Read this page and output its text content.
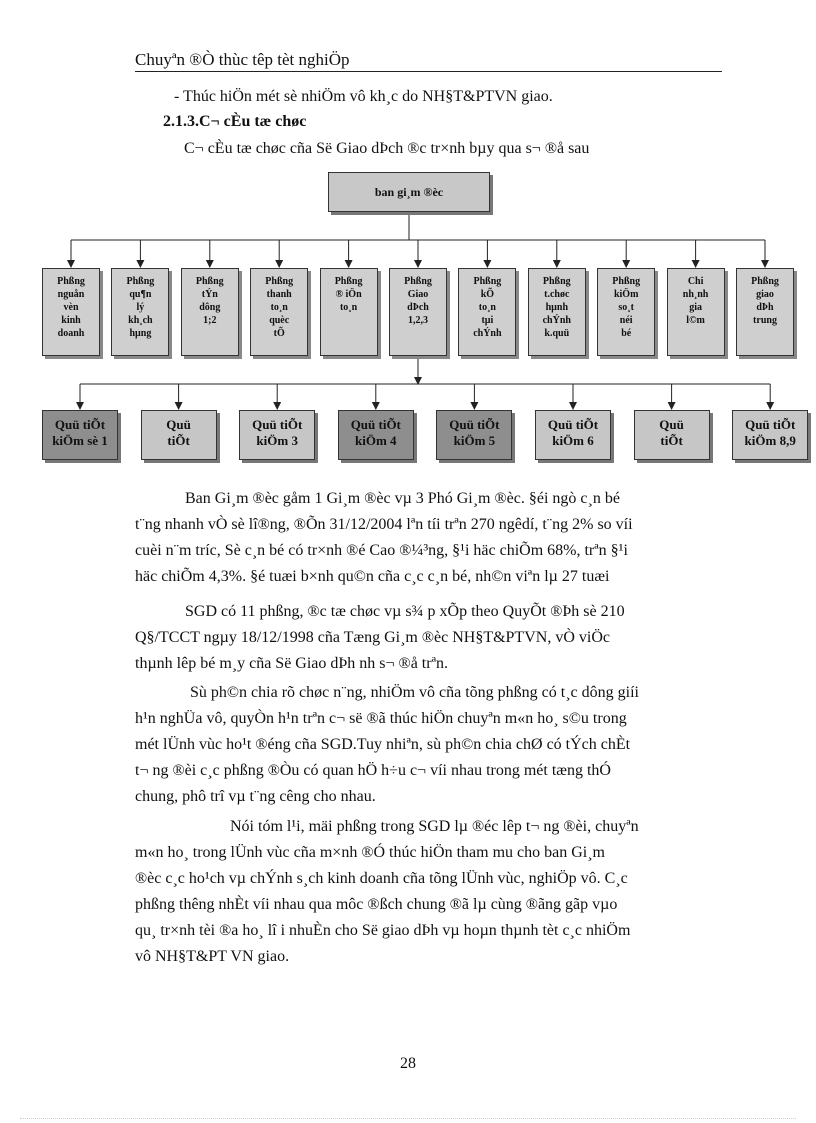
Chuyªn ®Ò thùc têp tèt nghiÖp
- Thúc hiÖn mét sè nhiÖm vô kh¸c do NH§T&PTVN giao.
2.1.3.C¬ cÈu tæ chøc
C¬ cÈu tæ chøc cña Së Giao dÞch ®c tr×nh bµy qua s¬ ®å sau
ban gi¸m ®èc
Phßng
nguån
vèn
kinh
doanh
Phßng
qu¶n
lý
kh¸ch
hµng
Phßng
tÝn
dông
1;2
Phßng
thanh
to¸n
quèc
tÕ
Phßng
® iÖn
to¸n
Phßng
Giao
dÞch
1,2,3
Phßng
kÕ
to¸n
tµi
chÝnh
Phßng
t.chøc
hµnh
chÝnh
k.quü
Phßng
kiÖm
so¸t
néi
bé
Chi
nh¸nh
gia
l©m
Phßng
giao
dÞh
trung
Quü tiÕt
kiÖm sè 1
Quü
tiÕt
Quü tiÕt
kiÖm 3
Quü tiÕt
kiÖm 4
Quü tiÕt
kiÖm 5
Quü tiÕt
kiÖm 6
Quü
tiÕt
Quü tiÕt
kiÖm 8,9
Ban Gi¸m ®èc gåm 1 Gi¸m ®èc vµ 3 Phó Gi¸m ®èc. §éi ngò c¸n bé
t¨ng nhanh vÒ sè lî®ng, ®Õn 31/12/2004 lªn tíi trªn 270 ngêdí, t¨ng 2% so víi
cuèi n¨m tríc, Sè c¸n bé có tr×nh ®é Cao ®¼³ng, §¹i häc chiÕm 68%, trªn §¹i
häc chiÕm 4,3%. §é tuæi b×nh qu©n cña c¸c c¸n bé, nh©n viªn lµ 27 tuæi
SGD có 11 phßng, ®c tæ chøc vµ s¾ p xÕp theo QuyÕt ®Þh sè 210
Q§/TCCT ngµy 18/12/1998 cña Tæng Gi¸m ®èc NH§T&PTVN, vÒ viÖc
thµnh lêp bé m¸y cña Së Giao dÞh nh s¬ ®å trªn.
Sù ph©n chia rõ chøc n¨ng, nhiÖm vô cña tõng phßng có t¸c dông giíi
h¹n nghÜa vô, quyÒn h¹n trªn c¬ së ®ã thúc hiÖn chuyªn m«n ho¸ s©u trong
mét lÜnh vùc ho¹t ®éng cña SGD.Tuy nhiªn, sù ph©n chia chØ có tÝch chÈt
t¬ ng ®èi c¸c phßng ®Òu có quan hÖ h÷u c¬ víi nhau trong mét tæng thÓ
chung, phô trî vµ t¨ng cêng cho nhau.
Nói tóm l¹i, mäi phßng trong SGD lµ ®éc lêp t¬ ng ®èi, chuyªn
m«n ho¸ trong lÜnh vùc cña m×nh ®Ó thúc hiÖn tham mu cho ban Gi¸m
®èc c¸c ho¹ch vµ chÝnh s¸ch kinh doanh cña tõng lÜnh vùc, nghiÖp vô. C¸c
phßng thêng nhÈt víi nhau qua môc ®ßch chung ®ã lµ cùng ®ãng gãp vµo
qu¸ tr×nh tèi ®a ho¸ lî i nhuÈn cho Së giao dÞh vµ hoµn thµnh tèt c¸c nhiÖm
vô NH§T&PT VN giao.
28
